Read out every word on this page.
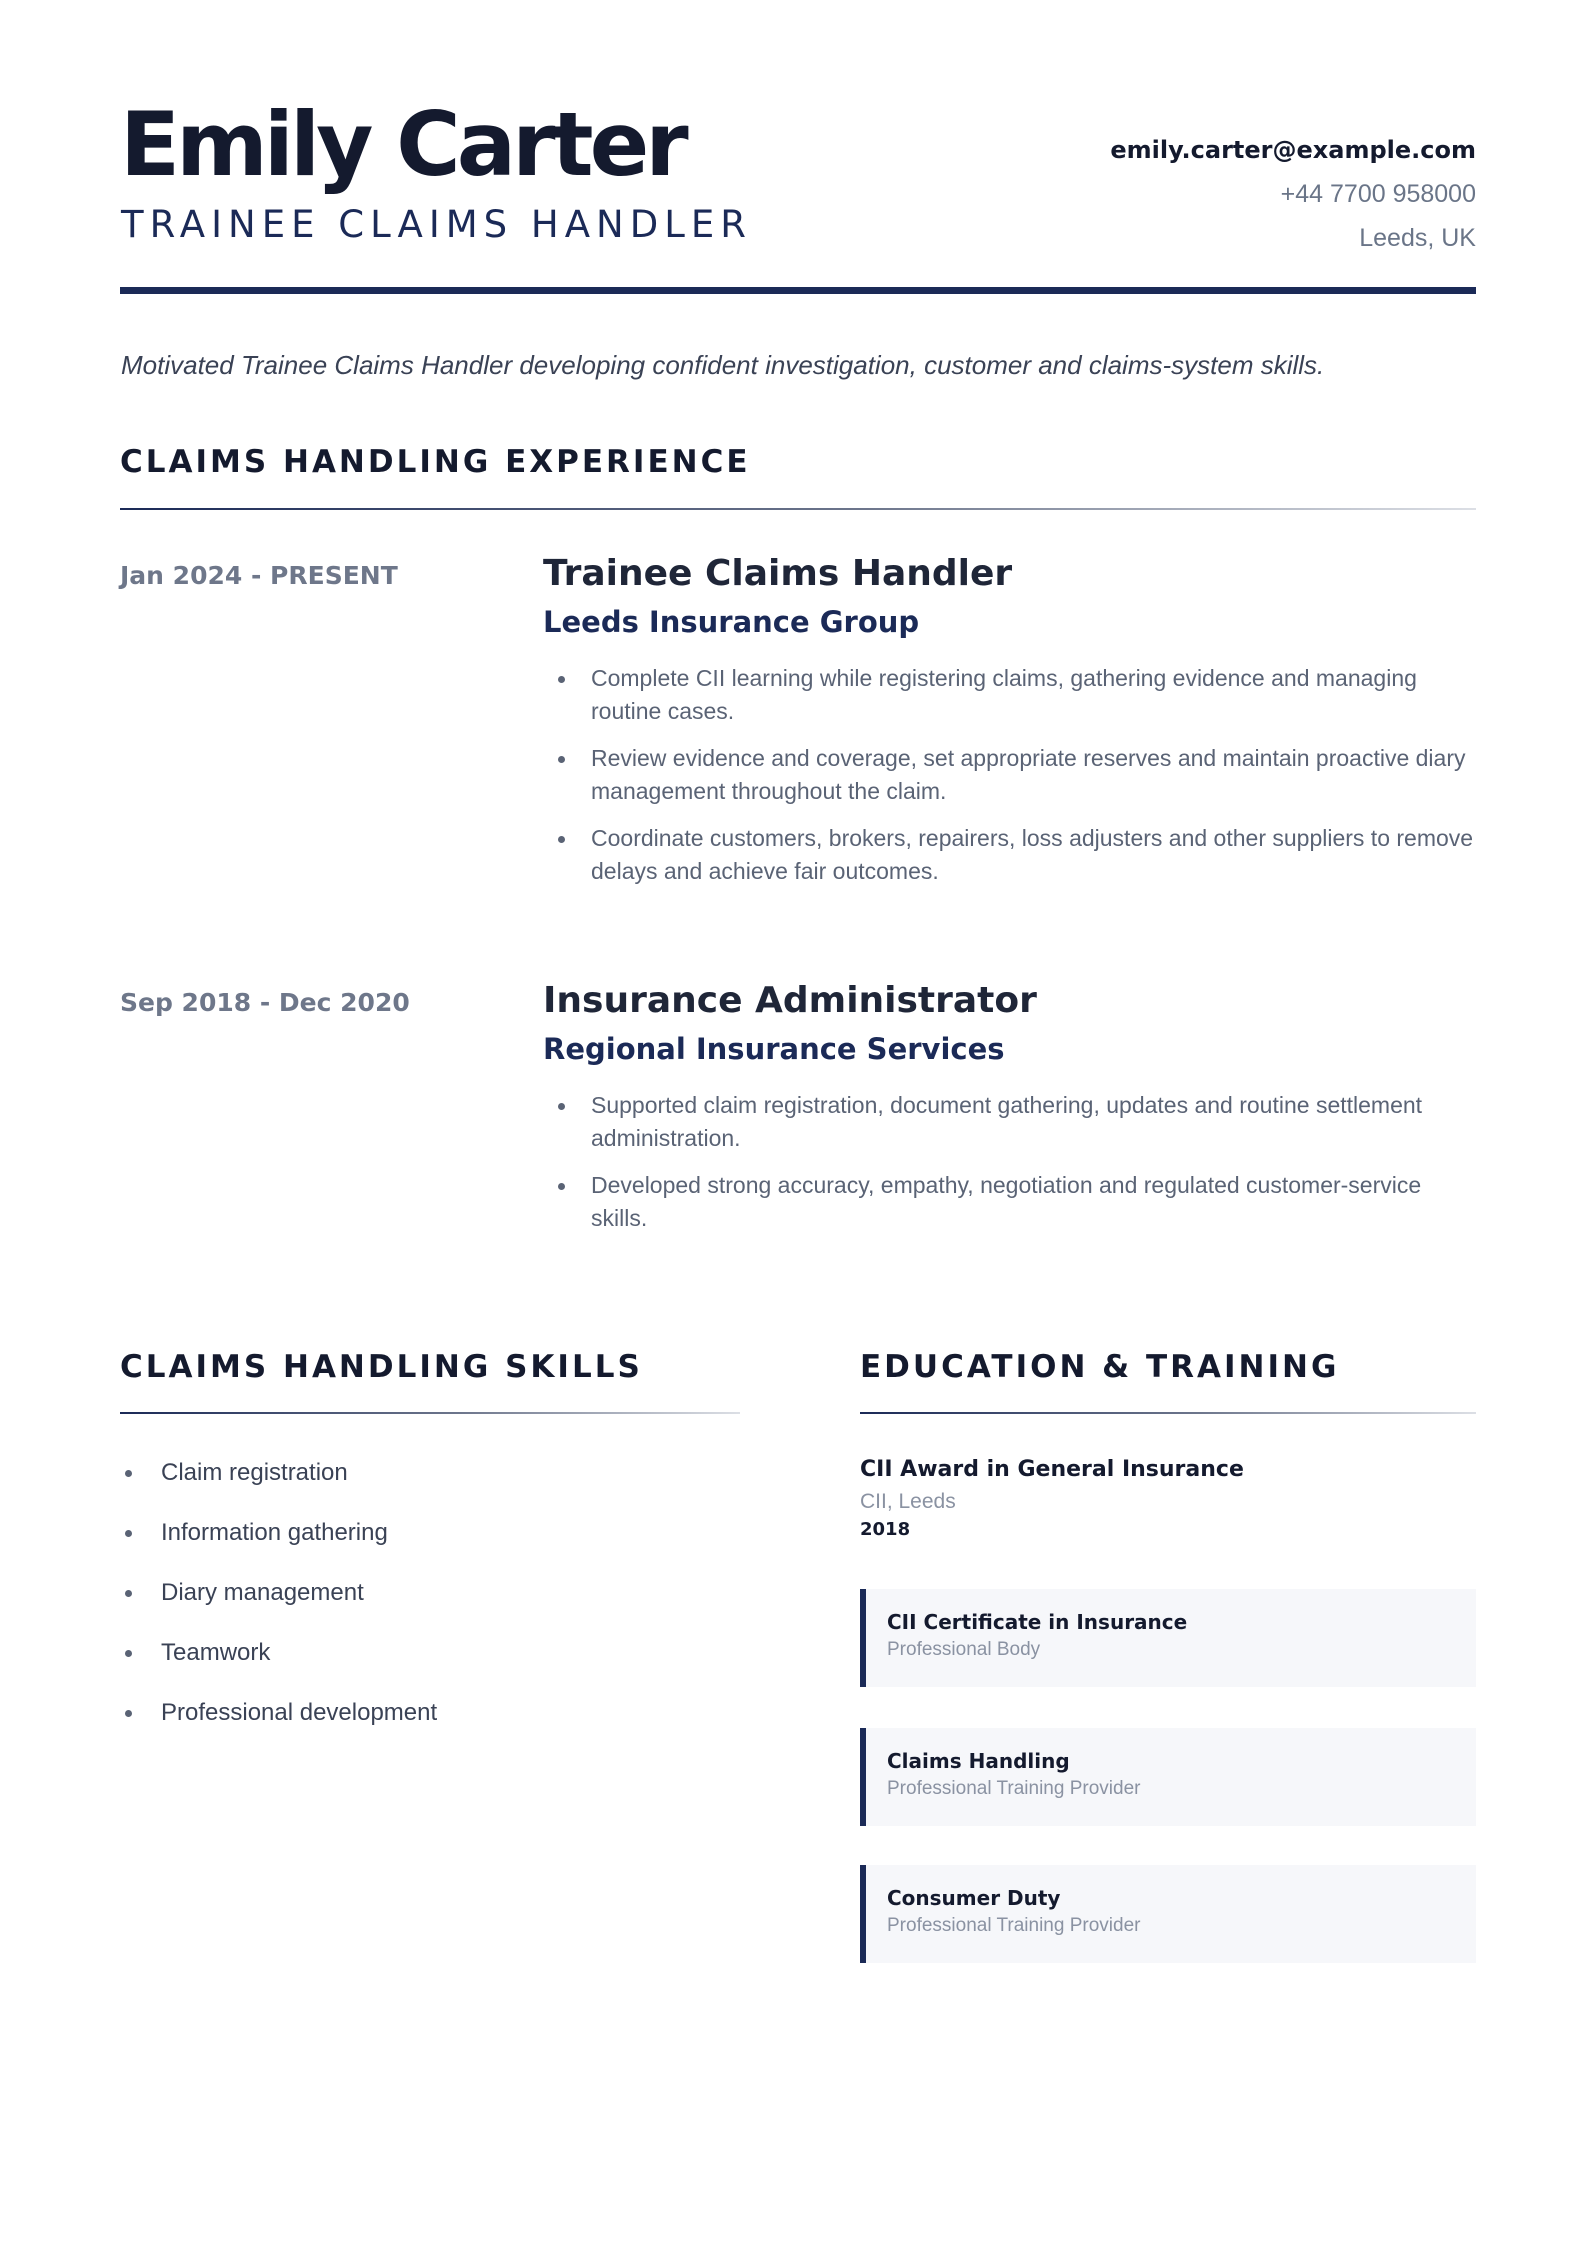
Emily Carter
TRAINEE CLAIMS HANDLER
emily.carter@example.com
+44 7700 958000
Leeds, UK
Motivated Trainee Claims Handler developing confident investigation, customer and claims-system skills.
CLAIMS HANDLING EXPERIENCE
Jan 2024 - PRESENT	Trainee Claims Handler
Leeds Insurance Group
Complete CII learning while registering claims, gathering evidence and managing routine cases.
Review evidence and coverage, set appropriate reserves and maintain proactive diary management throughout the claim.
Coordinate customers, brokers, repairers, loss adjusters and other suppliers to remove delays and achieve fair outcomes.
Sep 2018 - Dec 2020	Insurance Administrator
Regional Insurance Services
Supported claim registration, document gathering, updates and routine settlement administration.
Developed strong accuracy, empathy, negotiation and regulated customer-service skills.
CLAIMS HANDLING SKILLS
Claim registration
Information gathering
Diary management
Teamwork
Professional development
EDUCATION & TRAINING
CII Award in General Insurance
CII, Leeds
2018
CII Certificate in Insurance
Professional Body
Claims Handling
Professional Training Provider
Consumer Duty
Professional Training Provider
